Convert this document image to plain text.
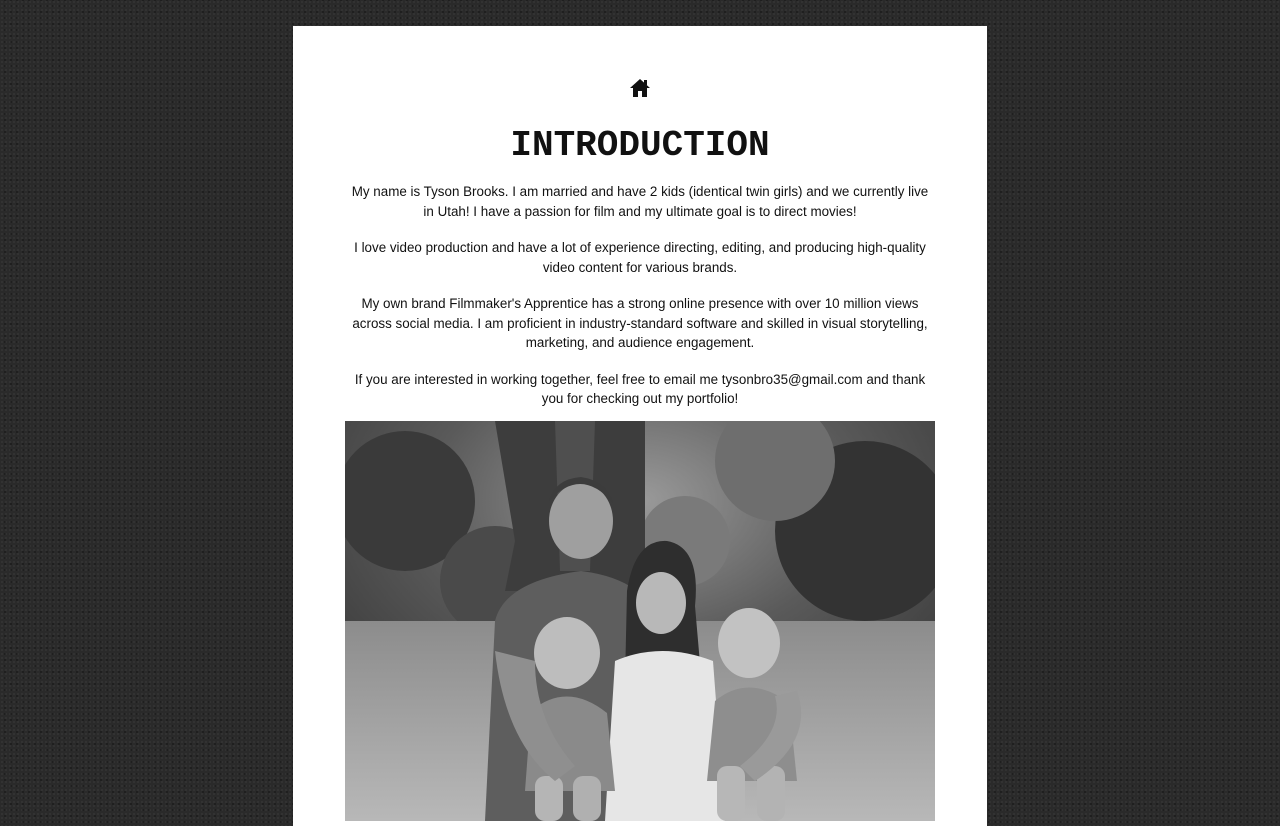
INTRODUCTION

My name is Tyson Brooks. I am married and have 2 kids (identical twin girls) and we currently live in Utah! I have a passion for film and my ultimate goal is to direct movies!

I love video production and have a lot of experience directing, editing, and producing high-quality video content for various brands.

My own brand Filmmaker's Apprentice has a strong online presence with over 10 million views across social media. I am proficient in industry-standard software and skilled in visual storytelling, marketing, and audience engagement.

If you are interested in working together, feel free to email me tysonbro35@gmail.com and thank you for checking out my portfolio!
